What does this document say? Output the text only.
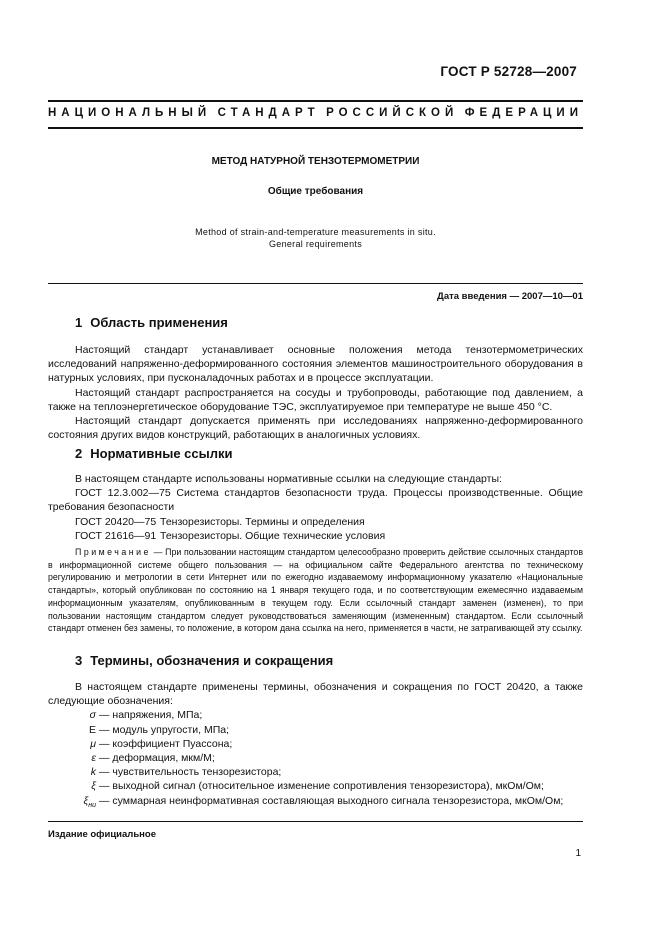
ГОСТ Р 52728—2007
НАЦИОНАЛЬНЫЙ СТАНДАРТ РОССИЙСКОЙ ФЕДЕРАЦИИ
МЕТОД НАТУРНОЙ ТЕНЗОТЕРМОМЕТРИИ
Общие требования
Method of strain-and-temperature measurements in situ.
General requirements
Дата введения — 2007—10—01
1 Область применения

Настоящий стандарт устанавливает основные положения метода тензотермометрических исследований напряженно-деформированного состояния элементов машиностроительного оборудования в натурных условиях, при пусконаладочных работах и в процессе эксплуатации.

Настоящий стандарт распространяется на сосуды и трубопроводы, работающие под давлением, а также на теплоэнергетическое оборудование ТЭС, эксплуатируемое при температуре не выше 450 °С.

Настоящий стандарт допускается применять при исследованиях напряженно-деформированного состояния других видов конструкций, работающих в аналогичных условиях.

2 Нормативные ссылки

В настоящем стандарте использованы нормативные ссылки на следующие стандарты:

ГОСТ 12.3.002—75 Система стандартов безопасности труда. Процессы производственные. Общие требования безопасности

ГОСТ 20420—75 Тензорезисторы. Термины и определения

ГОСТ 21616—91 Тензорезисторы. Общие технические условия

Примечание — При пользовании настоящим стандартом целесообразно проверить действие ссылочных стандартов в информационной системе общего пользования — на официальном сайте Федерального агентства по техническому регулированию и метрологии в сети Интернет или по ежегодно издаваемому информационному указателю «Национальные стандарты», который опубликован по состоянию на 1 января текущего года, и по соответствующим ежемесячно издаваемым информационным указателям, опубликованным в текущем году. Если ссылочный стандарт заменен (изменен), то при пользовании настоящим стандартом следует руководствоваться заменяющим (измененным) стандартом. Если ссылочный стандарт отменен без замены, то положение, в котором дана ссылка на него, применяется в части, не затрагивающей эту ссылку.
3 Термины, обозначения и сокращения

В настоящем стандарте применены термины, обозначения и сокращения по ГОСТ 20420, а также следующие обозначения:

σ — напряжения, МПа;
E — модуль упругости, МПа;
μ — коэффициент Пуассона;
ε — деформация, мкм/М;
k — чувствительность тензорезистора;
ξ — выходной сигнал (относительное изменение сопротивления тензорезистора), мкОм/Ом;
$\xi_{ни}$ — суммарная неинформативная составляющая выходного сигнала тензорезистора, мкОм/Ом;
Издание официальное
1
